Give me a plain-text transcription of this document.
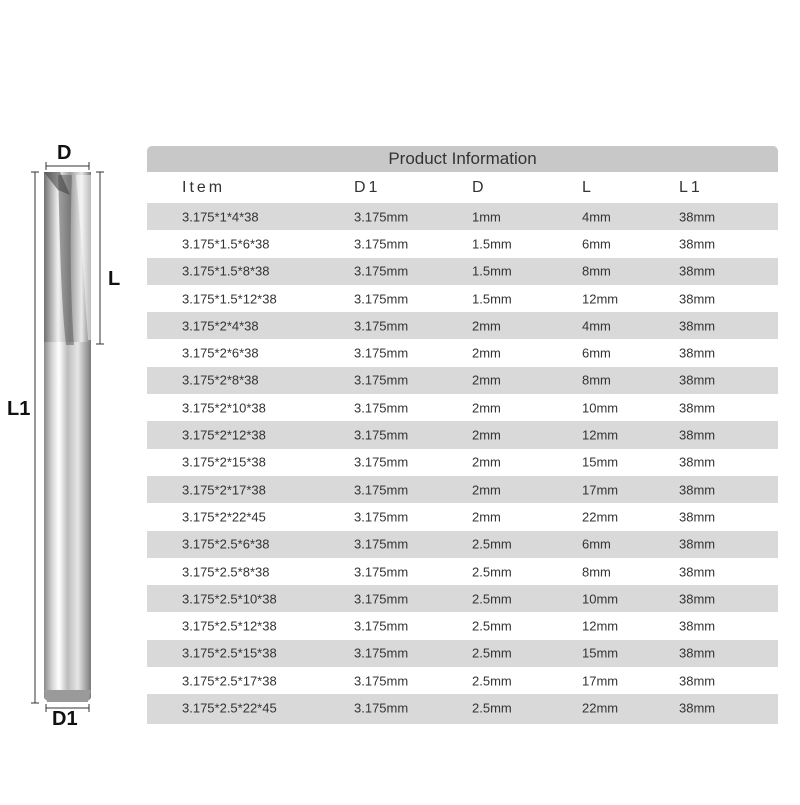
D
L
L1
D1
Product Information
Item	D1	D	L	L1
3.175*1*4*38	3.175mm	1mm	4mm	38mm
3.175*1.5*6*38	3.175mm	1.5mm	6mm	38mm
3.175*1.5*8*38	3.175mm	1.5mm	8mm	38mm
3.175*1.5*12*38	3.175mm	1.5mm	12mm	38mm
3.175*2*4*38	3.175mm	2mm	4mm	38mm
3.175*2*6*38	3.175mm	2mm	6mm	38mm
3.175*2*8*38	3.175mm	2mm	8mm	38mm
3.175*2*10*38	3.175mm	2mm	10mm	38mm
3.175*2*12*38	3.175mm	2mm	12mm	38mm
3.175*2*15*38	3.175mm	2mm	15mm	38mm
3.175*2*17*38	3.175mm	2mm	17mm	38mm
3.175*2*22*45	3.175mm	2mm	22mm	38mm
3.175*2.5*6*38	3.175mm	2.5mm	6mm	38mm
3.175*2.5*8*38	3.175mm	2.5mm	8mm	38mm
3.175*2.5*10*38	3.175mm	2.5mm	10mm	38mm
3.175*2.5*12*38	3.175mm	2.5mm	12mm	38mm
3.175*2.5*15*38	3.175mm	2.5mm	15mm	38mm
3.175*2.5*17*38	3.175mm	2.5mm	17mm	38mm
3.175*2.5*22*45	3.175mm	2.5mm	22mm	38mm
